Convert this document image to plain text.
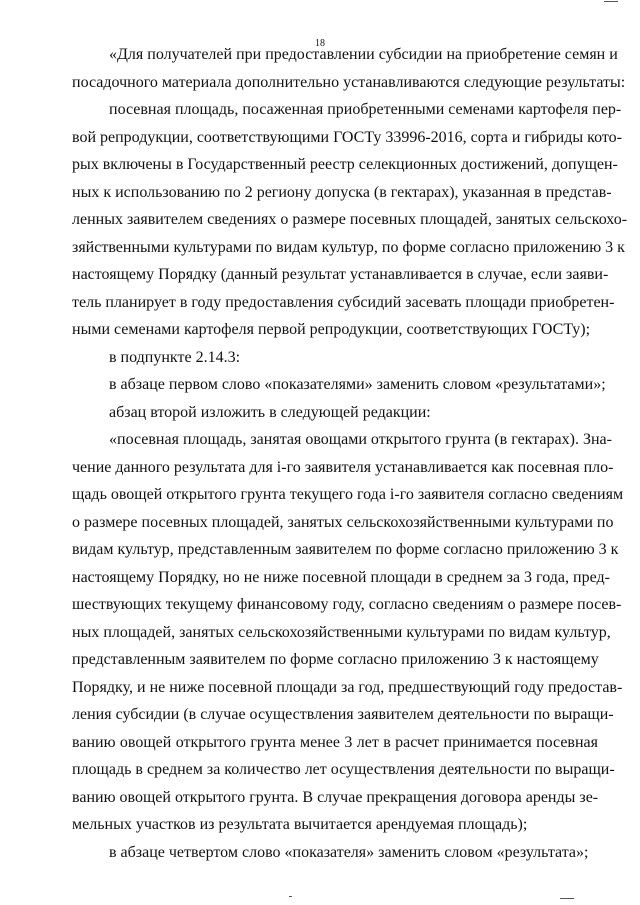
18
«Для получателей при предоставлении субсидии на приобретение семян и
посадочного материала дополнительно устанавливаются следующие результаты:
посевная площадь, посаженная приобретенными семенами картофеля пер-
вой репродукции, соответствующими ГОСТу 33996-2016, сорта и гибриды кото-
рых включены в Государственный реестр селекционных достижений, допущен-
ных к использованию по 2 региону допуска (в гектарах), указанная в представ-
ленных заявителем сведениях о размере посевных площадей, занятых сельскохо-
зяйственными культурами по видам культур, по форме согласно приложению 3 к
настоящему Порядку (данный результат устанавливается в случае, если заяви-
тель планирует в году предоставления субсидий засевать площади приобретен-
ными семенами картофеля первой репродукции, соответствующих ГОСТу);
в подпункте 2.14.3:
в абзаце первом слово «показателями» заменить словом «результатами»;
абзац второй изложить в следующей редакции:
«посевная площадь, занятая овощами открытого грунта (в гектарах). Зна-
чение данного результата для i-го заявителя устанавливается как посевная пло-
щадь овощей открытого грунта текущего года i-го заявителя согласно сведениям
о размере посевных площадей, занятых сельскохозяйственными культурами по
видам культур, представленным заявителем по форме согласно приложению 3 к
настоящему Порядку, но не ниже посевной площади в среднем за 3 года, пред-
шествующих текущему финансовому году, согласно сведениям о размере посев-
ных площадей, занятых сельскохозяйственными культурами по видам культур,
представленным заявителем по форме согласно приложению 3 к настоящему
Порядку, и не ниже посевной площади за год, предшествующий году предостав-
ления субсидии (в случае осуществления заявителем деятельности по выращи-
ванию овощей открытого грунта менее 3 лет в расчет принимается посевная
площадь в среднем за количество лет осуществления деятельности по выращи-
ванию овощей открытого грунта. В случае прекращения договора аренды зе-
мельных участков из результата вычитается арендуемая площадь);
в абзаце четвертом слово «показателя» заменить словом «результата»;
